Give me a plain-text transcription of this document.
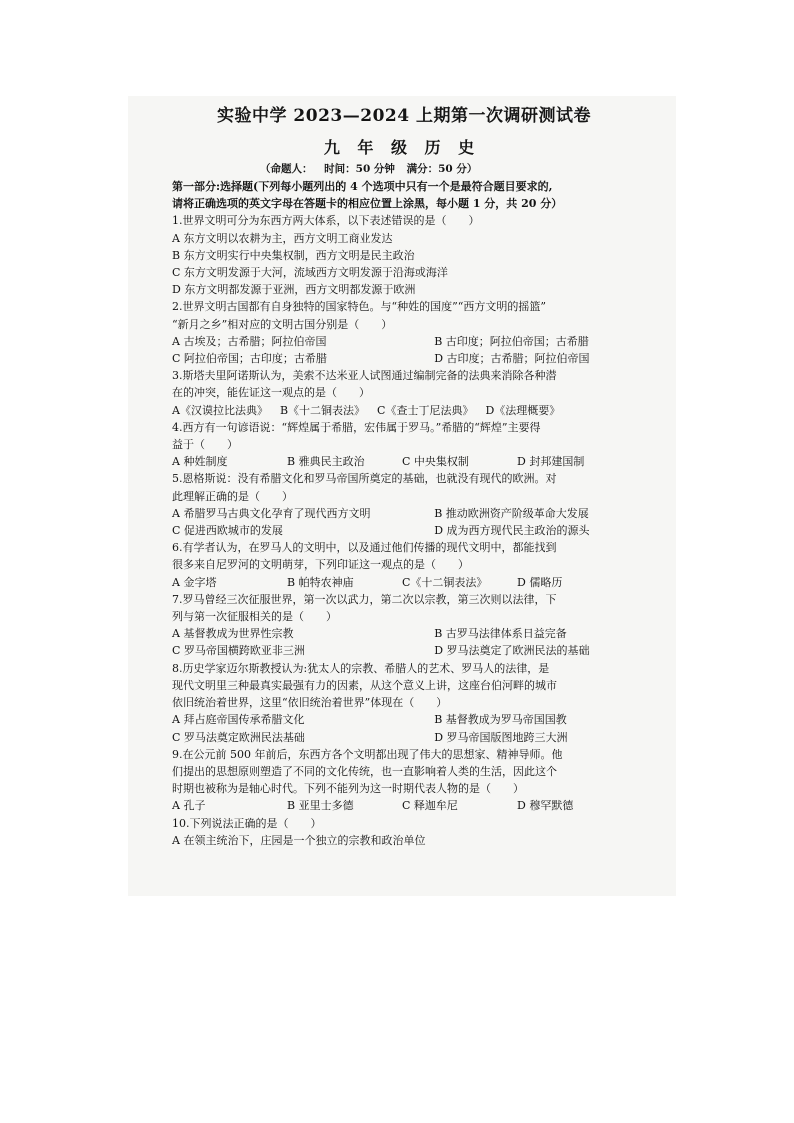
实验中学 2023—2024 上期第一次调研测试卷
九 年 级 历 史
（命题人： 时间：50 分钟 满分：50 分）
第一部分:选择题(下列每小题列出的 4 个选项中只有一个是最符合题目要求的,
请将正确选项的英文字母在答题卡的相应位置上涂黑，每小题 1 分，共 20 分）
1.世界文明可分为东西方两大体系，以下表述错误的是（　　）
A 东方文明以农耕为主，西方文明工商业发达
B 东方文明实行中央集权制，西方文明是民主政治
C 东方文明发源于大河，流域西方文明发源于沿海或海洋
D 东方文明都发源于亚洲，西方文明都发源于欧洲
2.世界文明古国都有自身独特的国家特色。与“种姓的国度”“西方文明的摇篮”
“新月之乡”相对应的文明古国分别是（　　）
A 古埃及；古希腊；阿拉伯帝国	B 古印度；阿拉伯帝国；古希腊
C 阿拉伯帝国；古印度；古希腊	D 古印度；古希腊；阿拉伯帝国
3.斯塔夫里阿诺斯认为，美索不达米亚人试图通过编制完备的法典来消除各种潜
在的冲突，能佐证这一观点的是（　　）
A《汉谟拉比法典》 B《十二铜表法》 C《查士丁尼法典》 D《法理概要》
4.西方有一句谚语说：“辉煌属于希腊，宏伟属于罗马。”希腊的“辉煌”主要得
益于（　　）
A 种姓制度	B 雅典民主政治	C 中央集权制	D 封邦建国制
5.恩格斯说：没有希腊文化和罗马帝国所奠定的基础，也就没有现代的欧洲。对
此理解正确的是（　　）
A 希腊罗马古典文化孕育了现代西方文明	B 推动欧洲资产阶级革命大发展
C 促进西欧城市的发展	D 成为西方现代民主政治的源头
6.有学者认为，在罗马人的文明中，以及通过他们传播的现代文明中，都能找到
很多来自尼罗河的文明萌芽，下列印证这一观点的是（　　）
A 金字塔	B 帕特农神庙	C《十二铜表法》	D 儒略历
7.罗马曾经三次征服世界，第一次以武力，第二次以宗教，第三次则以法律，下
列与第一次征服相关的是（　　）
A 基督教成为世界性宗教	B 古罗马法律体系日益完备
C 罗马帝国横跨欧亚非三洲	D 罗马法奠定了欧洲民法的基础
8.历史学家迈尔斯教授认为:犹太人的宗教、希腊人的艺术、罗马人的法律，是
现代文明里三种最真实最强有力的因素，从这个意义上讲，这座台伯河畔的城市
依旧统治着世界，这里“依旧统治着世界”体现在（　　）
A 拜占庭帝国传承希腊文化	B 基督教成为罗马帝国国教
C 罗马法奠定欧洲民法基础	D 罗马帝国版图地跨三大洲
9.在公元前 500 年前后，东西方各个文明都出现了伟大的思想家、精神导师。他
们提出的思想原则塑造了不同的文化传统，也一直影响着人类的生活，因此这个
时期也被称为是轴心时代。下列不能列为这一时期代表人物的是（　　）
A 孔子	B 亚里士多德	C 释迦牟尼	D 穆罕默德
10.下列说法正确的是（　　）
A 在领主统治下，庄园是一个独立的宗教和政治单位
